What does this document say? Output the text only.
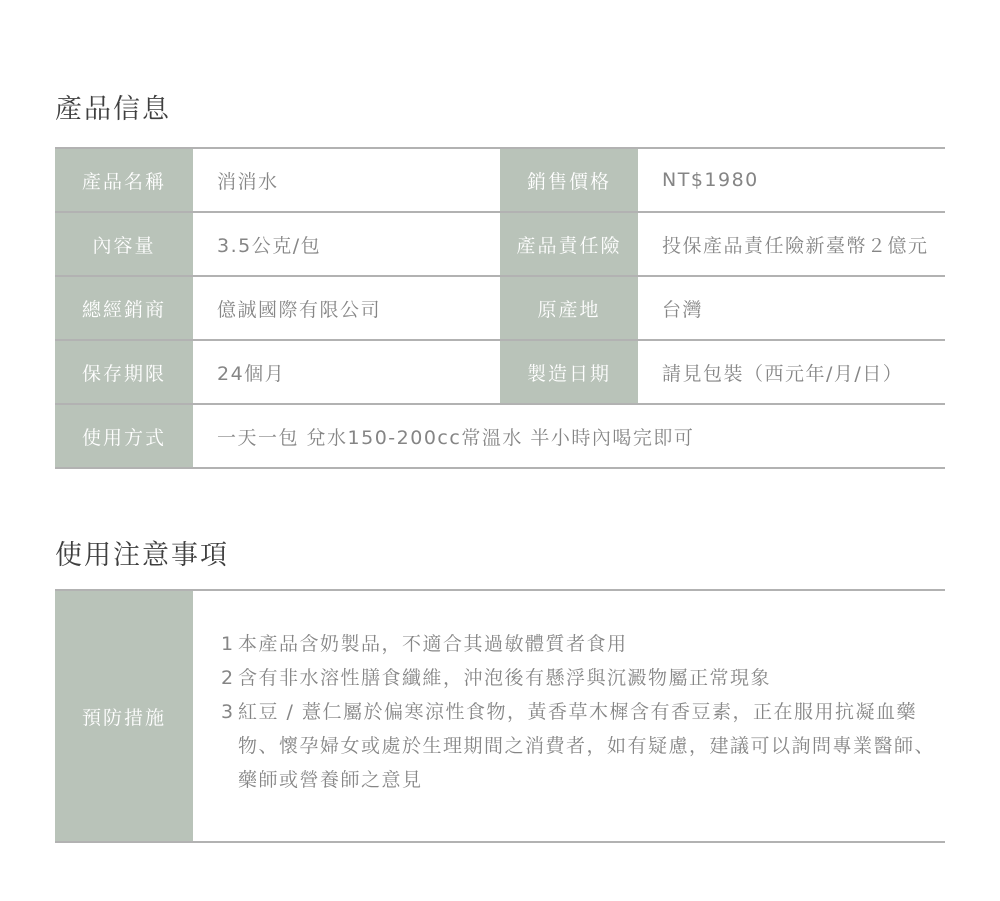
產品信息
產品名稱	消消水	銷售價格	NT$1980
內容量	3.5公克/包	產品責任險	投保產品責任險新臺幣２億元
總經銷商	億誠國際有限公司	原產地	台灣
保存期限	24個月	製造日期	請見包裝（西元年/月/日）
使用方式	一天一包 兌水150-200cc常溫水 半小時內喝完即可
使用注意事項
預防措施
1 本產品含奶製品，不適合其過敏體質者食用
2 含有非水溶性膳食纖維，沖泡後有懸浮與沉澱物屬正常現象
3 紅豆 / 薏仁屬於偏寒涼性食物，黃香草木樨含有香豆素，正在服用抗凝血藥物、懷孕婦女或處於生理期間之消費者，如有疑慮，建議可以詢問專業醫師、藥師或營養師之意見
